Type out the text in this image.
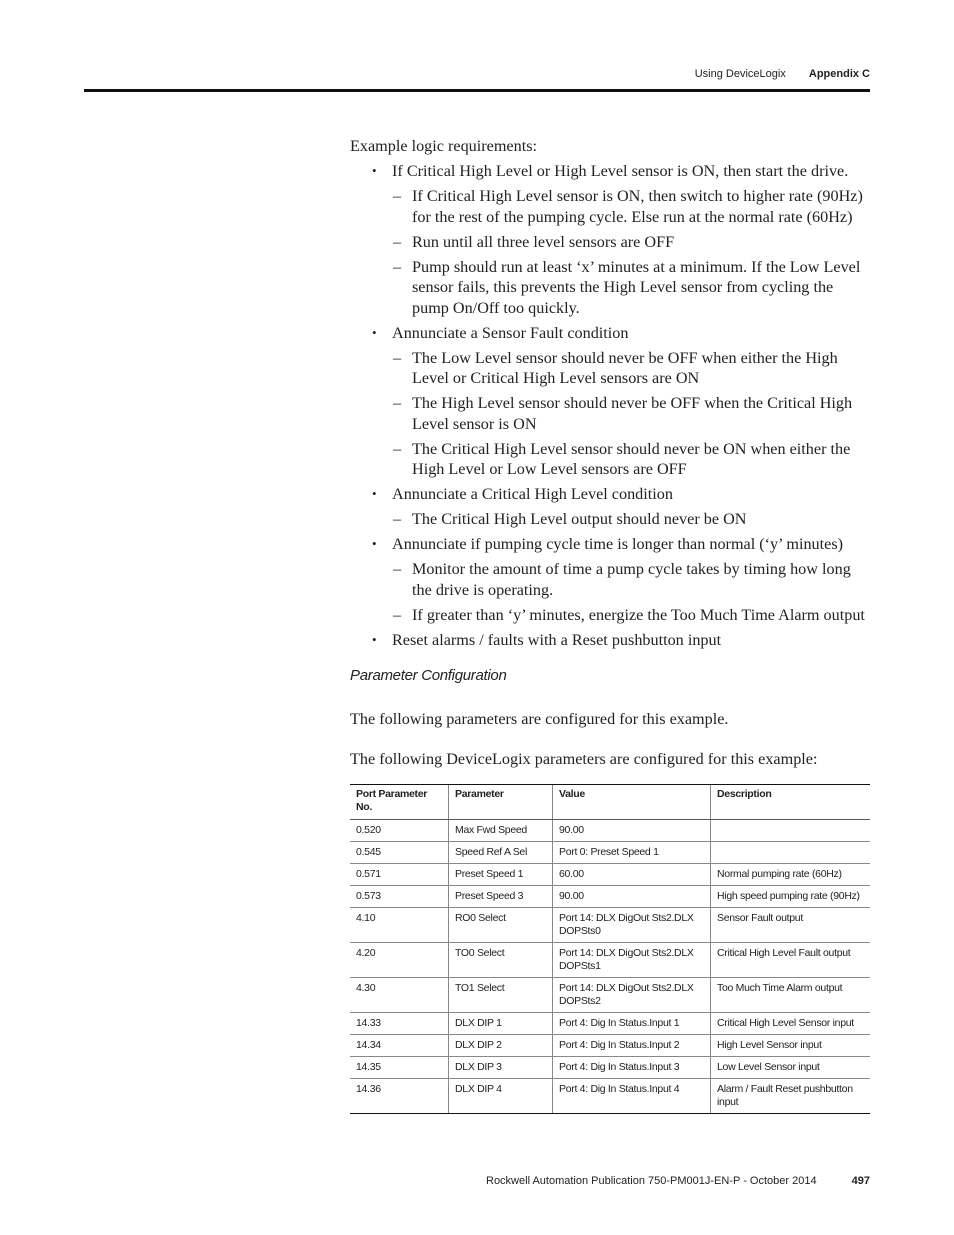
Using DeviceLogix Appendix C

Example logic requirements:

• If Critical High Level or High Level sensor is ON, then start the drive.
– If Critical High Level sensor is ON, then switch to higher rate (90Hz) for the rest of the pumping cycle. Else run at the normal rate (60Hz)
– Run until all three level sensors are OFF
– Pump should run at least ‘x’ minutes at a minimum. If the Low Level sensor fails, this prevents the High Level sensor from cycling the pump On/Off too quickly.
• Annunciate a Sensor Fault condition
– The Low Level sensor should never be OFF when either the High Level or Critical High Level sensors are ON
– The High Level sensor should never be OFF when the Critical High Level sensor is ON
– The Critical High Level sensor should never be ON when either the High Level or Low Level sensors are OFF
• Annunciate a Critical High Level condition
– The Critical High Level output should never be ON
• Annunciate if pumping cycle time is longer than normal (‘y’ minutes)
– Monitor the amount of time a pump cycle takes by timing how long the drive is operating.
– If greater than ‘y’ minutes, energize the Too Much Time Alarm output
• Reset alarms / faults with a Reset pushbutton input
Parameter Configuration

The following parameters are configured for this example.

The following DeviceLogix parameters are configured for this example:

Port Parameter No.	Parameter	Value	Description
0.520	Max Fwd Speed	90.00	
0.545	Speed Ref A Sel	Port 0: Preset Speed 1	
0.571	Preset Speed 1	60.00	Normal pumping rate (60Hz)
0.573	Preset Speed 3	90.00	High speed pumping rate (90Hz)
4.10	RO0 Select	Port 14: DLX DigOut Sts2.DLX DOPSts0	Sensor Fault output
4.20	TO0 Select	Port 14: DLX DigOut Sts2.DLX DOPSts1	Critical High Level Fault output
4.30	TO1 Select	Port 14: DLX DigOut Sts2.DLX DOPSts2	Too Much Time Alarm output
14.33	DLX DIP 1	Port 4: Dig In Status.Input 1	Critical High Level Sensor input
14.34	DLX DIP 2	Port 4: Dig In Status.Input 2	High Level Sensor input
14.35	DLX DIP 3	Port 4: Dig In Status.Input 3	Low Level Sensor input
14.36	DLX DIP 4	Port 4: Dig In Status.Input 4	Alarm / Fault Reset pushbutton input
Rockwell Automation Publication 750-PM001J-EN-P - October 2014	497
